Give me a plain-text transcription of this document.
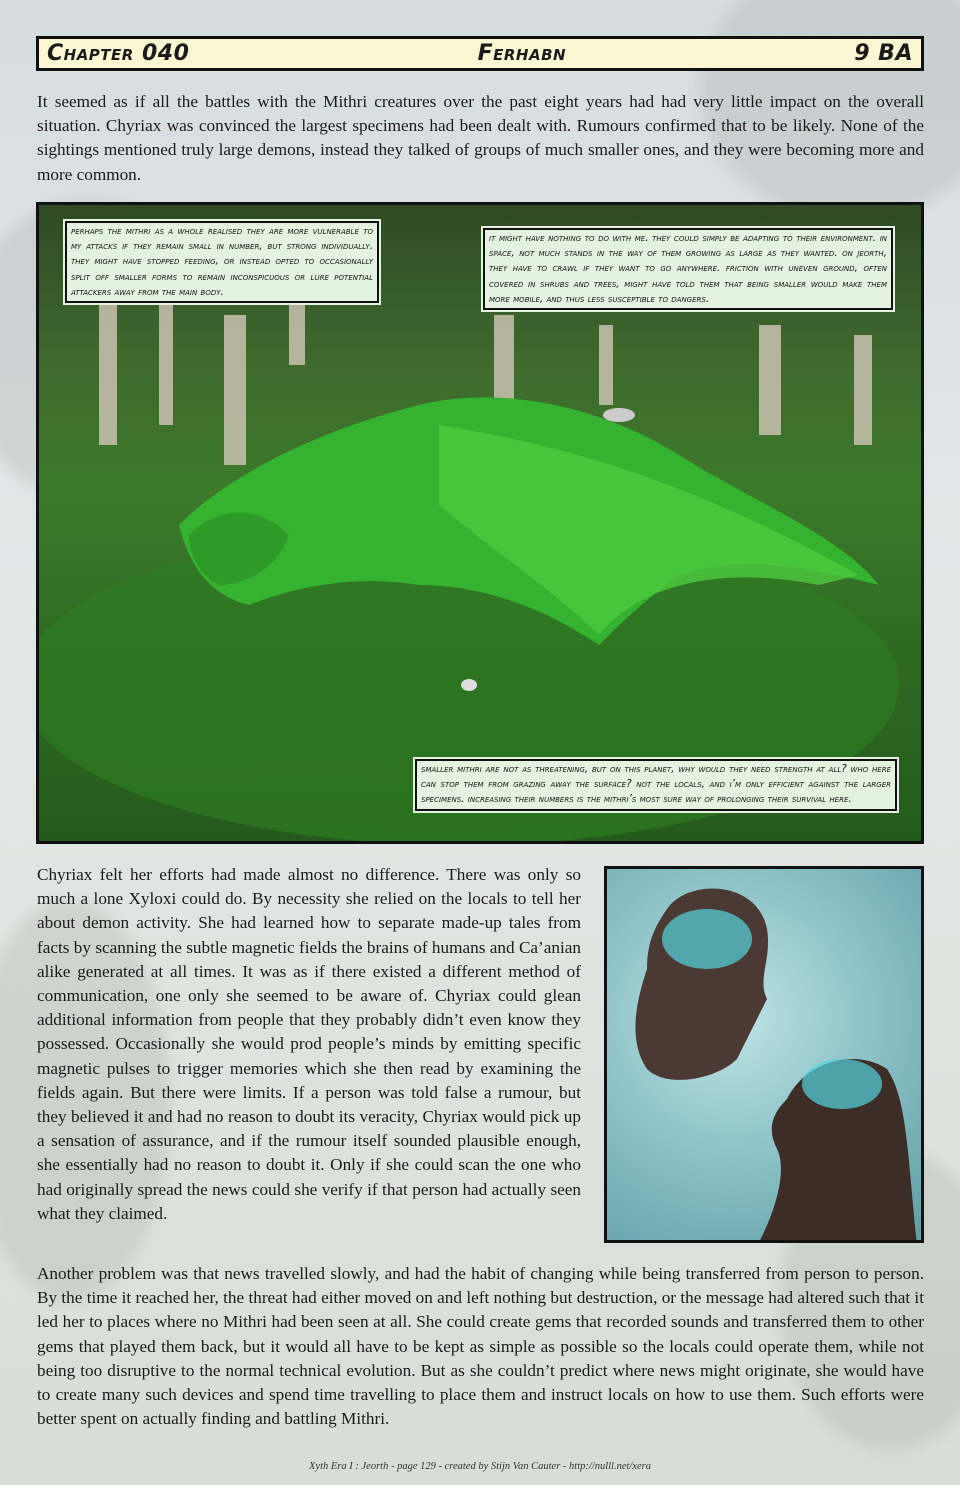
Chapter 040	Ferhabn	9 BA

It seemed as if all the battles with the Mithri creatures over the past eight years had had very little impact on the overall situation. Chyriax was convinced the largest specimens had been dealt with. Rumours confirmed that to be likely. None of the sightings mentioned truly large demons, instead they talked of groups of much smaller ones, and they were becoming more and more common.

perhaps the mithri as a whole realised they are more vulnerable to my attacks if they remain small in number, but strong individually. they might have stopped feeding, or instead opted to occasionally split off smaller forms to remain inconspicuous or lure potential attackers away from the main body.
it might have nothing to do with me. they could simply be adapting to their environment. in space, not much stands in the way of them growing as large as they wanted. on jeorth, they have to crawl if they want to go anywhere. friction with uneven ground, often covered in shrubs and trees, might have told them that being smaller would make them more mobile, and thus less susceptible to dangers.
smaller mithri are not as threatening, but on this planet, why would they need strength at all? who here can stop them from grazing away the surface? not the locals, and i’m only efficient against the larger specimens. increasing their numbers is the mithri’s most sure way of prolonging their survival here.

Chyriax felt her efforts had made almost no difference. There was only so much a lone Xyloxi could do. By necessity she relied on the locals to tell her about demon activity. She had learned how to separate made-up tales from facts by scanning the subtle magnetic fields the brains of humans and Ca’anian alike generated at all times. It was as if there existed a different method of communication, one only she seemed to be aware of. Chyriax could glean additional information from people that they probably didn’t even know they possessed. Occasionally she would prod people’s minds by emitting specific magnetic pulses to trigger memories which she then read by examining the fields again. But there were limits. If a person was told false a rumour, but they believed it and had no reason to doubt its veracity, Chyriax would pick up a sensation of assurance, and if the rumour itself sounded plausible enough, she essentially had no reason to doubt it. Only if she could scan the one who had originally spread the news could she verify if that person had actually seen what they claimed.

Another problem was that news travelled slowly, and had the habit of changing while being transferred from person to person. By the time it reached her, the threat had either moved on and left nothing but destruction, or the message had altered such that it led her to places where no Mithri had been seen at all. She could create gems that recorded sounds and transferred them to other gems that played them back, but it would all have to be kept as simple as possible so the locals could operate them, while not being too disruptive to the normal technical evolution. But as she couldn’t predict where news might originate, she would have to create many such devices and spend time travelling to place them and instruct locals on how to use them. Such efforts were better spent on actually finding and battling Mithri.

Xyth Era I : Jeorth - page 129 - created by Stijn Van Cauter - http://nulll.net/xera
